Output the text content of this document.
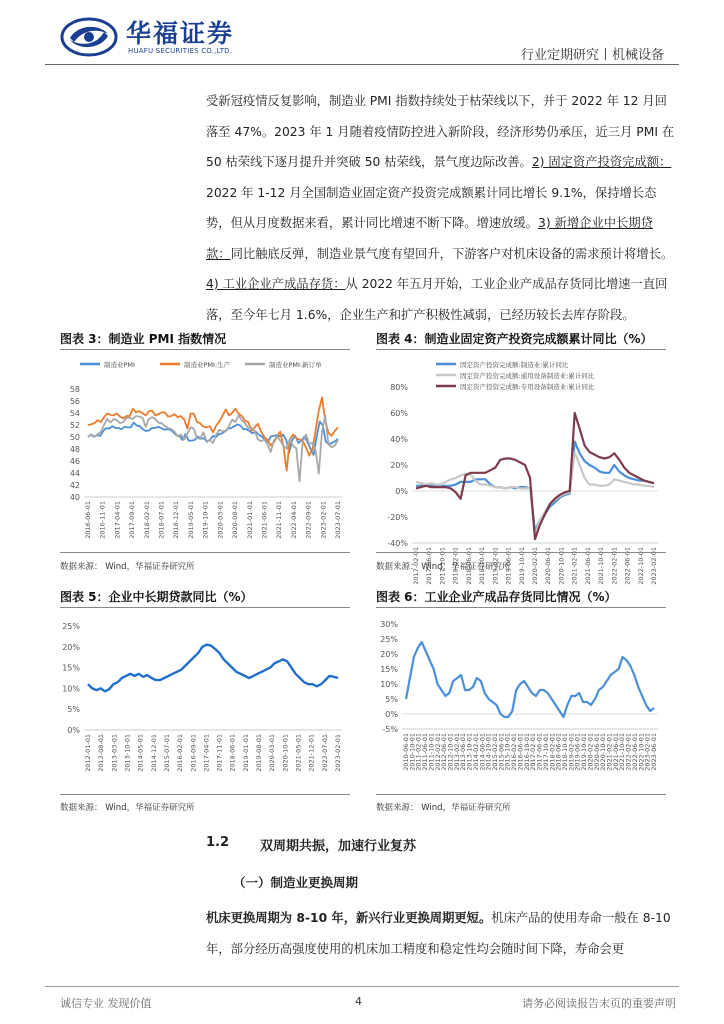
华福证券
HUAFU SECURITIES CO.,LTD.	行业定期研究丨机械设备

受新冠疫情反复影响，制造业 PMI 指数持续处于枯荣线以下，并于 2022 年 12 月回落至 47%。2023 年 1 月随着疫情防控进入新阶段，经济形势仍承压，近三月 PMI 在 50 枯荣线下逐月提升并突破 50 枯荣线，景气度边际改善。2) 固定资产投资完成额：2022 年 1-12 月全国制造业固定资产投资完成额累计同比增长 9.1%，保持增长态势，但从月度数据来看，累计同比增速不断下降。增速放缓。3) 新增企业中长期贷款：同比触底反弹，制造业景气度有望回升，下游客户对机床设备的需求预计将增长。4) 工业企业产成品存货：从 2022 年五月开始，工业企业产成品存货同比增速一直回落，至今年七月 1.6%，企业生产和扩产积极性减弱，已经历较长去库存阶段。

图表 3：制造业 PMI 指数情况
58
56
54
52
50
48
46
44
42
40
2016-06-01 2016-11-01 2017-04-01 2017-09-01 2018-02-01 2018-07-01 2018-12-01 2019-05-01 2019-10-01 2020-03-01 2020-08-01 2021-01-01 2021-06-01 2021-11-01 2022-04-01 2022-09-01 2023-02-01 2023-07-01
制造业PMI	制造业PMI:生产	制造业PMI:新订单
数据来源： Wind，华福证券研究所
图表 4：制造业固定资产投资完成额累计同比（%）
80%
60%
40%
20%
0%
-20%
-40%
2017-02-01 2017-06-01 2017-10-01 2018-02-01 2018-06-01 2018-10-01 2019-02-01 2019-06-01 2019-10-01 2020-02-01 2020-06-01 2020-10-01 2021-02-01 2021-06-01 2021-10-01 2022-02-01 2022-06-01 2022-10-01 2023-02-01
固定资产投资完成额:制造业:累计同比
固定资产投资完成额:通用设备制造业:累计同比
固定资产投资完成额:专用设备制造业:累计同比
数据来源： Wind，华福证券研究所
图表 5：企业中长期贷款同比（%）
25%
20%
15%
10%
5%
0%
2012-01-01 2012-08-01 2013-03-01 2013-10-01 2014-05-01 2014-12-01 2015-07-01 2016-02-01 2016-09-01 2017-04-01 2017-11-01 2018-06-01 2019-01-01 2019-08-01 2020-03-01 2020-10-01 2021-05-01 2021-12-01 2022-07-01 2023-02-01
数据来源： Wind，华福证券研究所
图表 6：工业企业产成品存货同比情况（%）
30%
25%
20%
15%
10%
5%
0%
-5%
2010-06-01
2010-10-01
2011-02-01
2011-06-01
2011-10-01
2012-02-01
2012-06-01
2012-10-01
2013-02-01
2013-06-01
2013-10-01
2014-02-01
2014-06-01
2014-10-01
2015-02-01
2015-06-01
2015-10-01
2016-02-01
2016-06-01
2016-10-01
2017-02-01
2017-06-01
2017-10-01
2018-02-01
2018-06-01
2018-10-01
2019-02-01
2019-06-01
2019-10-01
2020-02-01
2020-06-01
2020-10-01
2021-02-01
2021-06-01
2021-10-01
2022-02-01
2022-06-01
2022-10-01
2023-02-01
2023-06-01
数据来源： Wind，华福证券研究所
1.2 双周期共振，加速行业复苏
（一）制造业更换周期

机床更换周期为 8-10 年，新兴行业更换周期更短。机床产品的使用寿命一般在 8-10 年，部分经历高强度使用的机床加工精度和稳定性均会随时间下降，寿命会更

诚信专业 发现价值	4	请务必阅读报告末页的重要声明
